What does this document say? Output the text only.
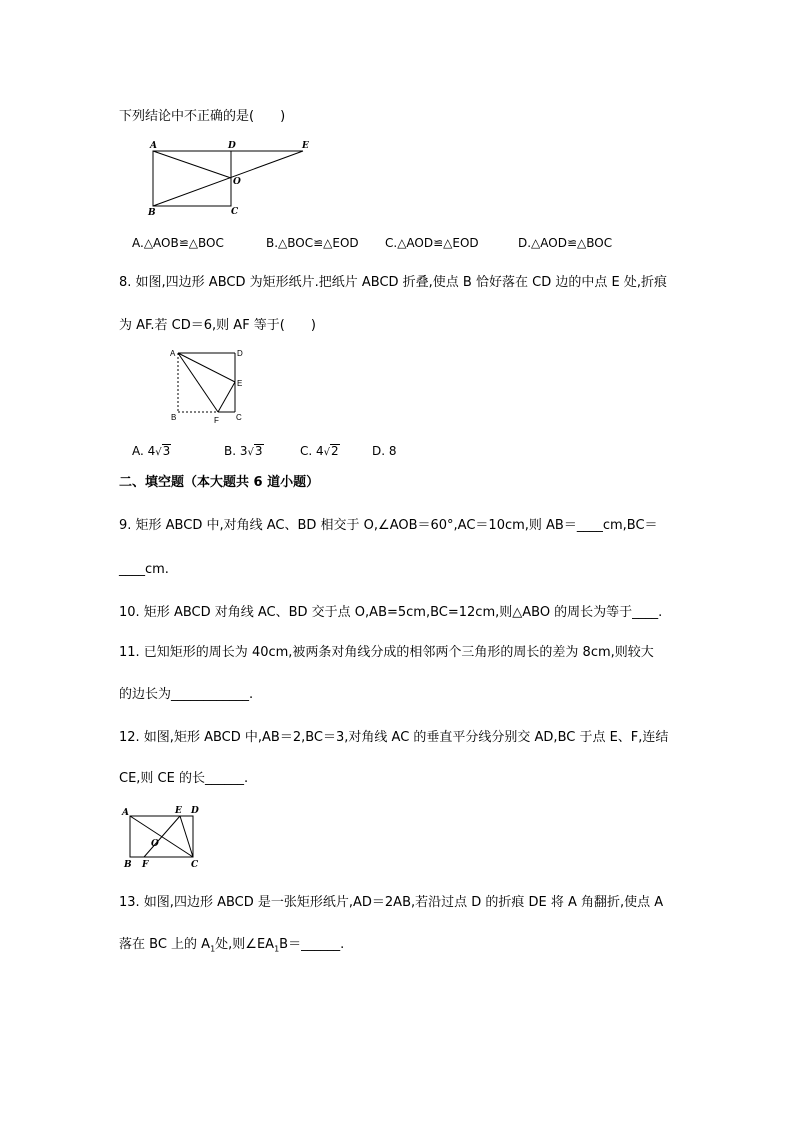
下列结论中不正确的是(　　)
A	D	E
O
B	C
A.△AOB≌△BOC	B.△BOC≌△EOD C.△AOD≌△EOD	D.△AOD≌△BOC
8. 如图,四边形 ABCD 为矩形纸片.把纸片 ABCD 折叠,使点 B 恰好落在 CD 边的中点 E 处,折痕
为 AF.若 CD＝6,则 AF 等于(　　)
A	D
E
B	F C
A. 4√3	B. 3√3	C. 4√2	D. 8
二、填空题（本大题共 6 道小题）
9. 矩形 ABCD 中,对角线 AC、BD 相交于 O,∠AOB＝60°,AC＝10cm,则 AB＝____cm,BC＝
____cm.
10. 矩形 ABCD 对角线 AC、BD 交于点 O,AB=5cm,BC=12cm,则△ABO 的周长为等于____.
11. 已知矩形的周长为 40cm,被两条对角线分成的相邻两个三角形的周长的差为 8cm,则较大
的边长为____________.
12. 如图,矩形 ABCD 中,AB＝2,BC＝3,对角线 AC 的垂直平分线分别交 AD,BC 于点 E、F,连结
CE,则 CE 的长______.
A	E D
O
B F	C
13. 如图,四边形 ABCD 是一张矩形纸片,AD＝2AB,若沿过点 D 的折痕 DE 将 A 角翻折,使点 A
落在 BC 上的 $A_1$处,则$\angle EA_1B=\_\_\_\_\_\_$.
